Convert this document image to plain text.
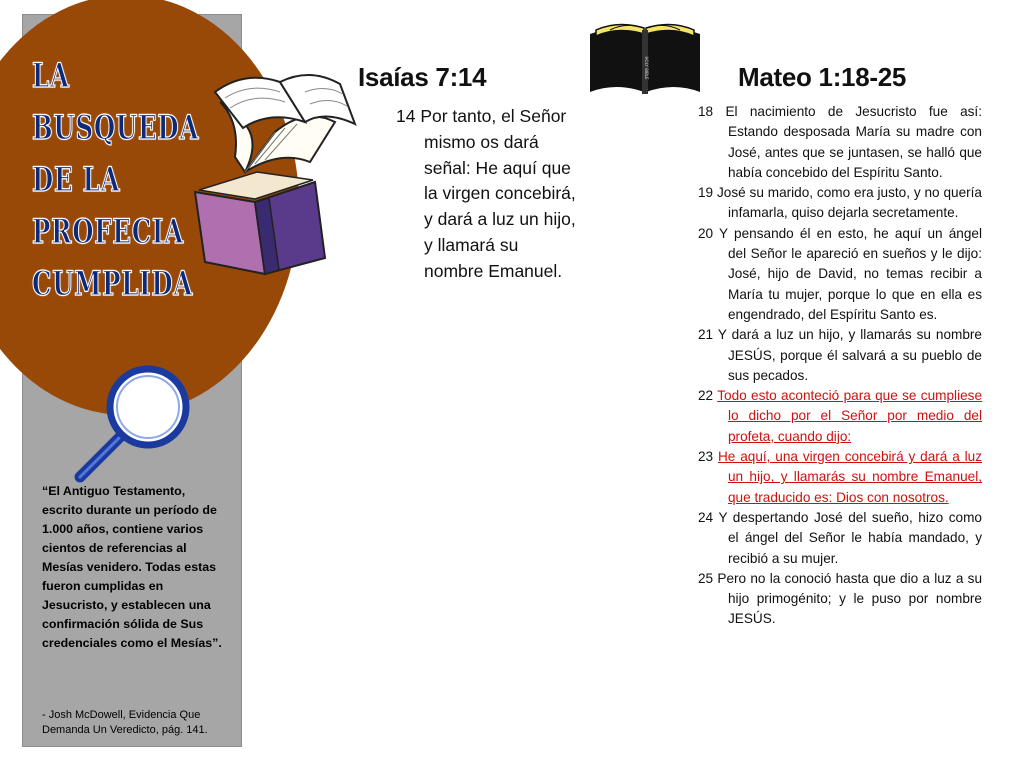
LA
BUSQUEDA
DE LA
PROFECIA
CUMPLIDA
HOLY BIBLE
“El Antiguo Testamento, escrito durante un período de 1.000 años, contiene varios cientos de referencias al Mesías venidero. Todas estas fueron cumplidas en Jesucristo, y establecen una confirmación sólida de Sus credenciales como el Mesías”.
- Josh McDowell, Evidencia Que Demanda Un Veredicto, pág. 141.
Isaías 7:14
14 Por tanto, el Señor mismo os dará señal: He aquí que la virgen concebirá, y dará a luz un hijo, y llamará su nombre Emanuel.
Mateo 1:18-25
18 El nacimiento de Jesucristo fue así: Estando desposada María su madre con José, antes que se juntasen, se halló que había concebido del Espíritu Santo.
19 José su marido, como era justo, y no quería infamarla, quiso dejarla secretamente.
20 Y pensando él en esto, he aquí un ángel del Señor le apareció en sueños y le dijo: José, hijo de David, no temas recibir a María tu mujer, porque lo que en ella es engendrado, del Espíritu Santo es.
21 Y dará a luz un hijo, y llamarás su nombre JESÚS, porque él salvará a su pueblo de sus pecados.
22 Todo esto aconteció para que se cumpliese lo dicho por el Señor por medio del profeta, cuando dijo:
23 He aquí, una virgen concebirá y dará a luz un hijo, y llamarás su nombre Emanuel, que traducido es: Dios con nosotros.
24 Y despertando José del sueño, hizo como el ángel del Señor le había mandado, y recibió a su mujer.
25 Pero no la conoció hasta que dio a luz a su hijo primogénito; y le puso por nombre JESÚS.
